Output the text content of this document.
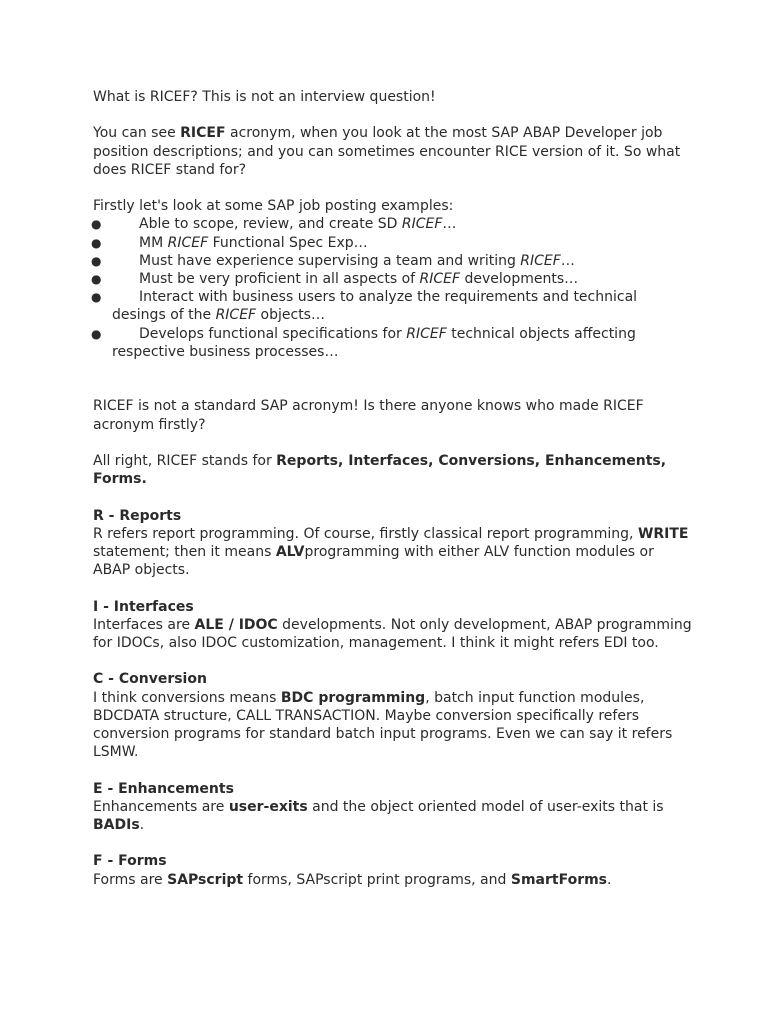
What is RICEF? This is not an interview question!

You can see RICEF acronym, when you look at the most SAP ABAP Developer job position descriptions; and you can sometimes encounter RICE version of it. So what does RICEF stand for?

Firstly let's look at some SAP job posting examples:

●	Able to scope, review, and create SD RICEF…
●	MM RICEF Functional Spec Exp…
●	Must have experience supervising a team and writing RICEF…
●	Must be very proficient in all aspects of RICEF developments…
●	Interact with business users to analyze the requirements and technical desings of the RICEF objects…
●	Develops functional specifications for RICEF technical objects affecting respective business processes…

RICEF is not a standard SAP acronym! Is there anyone knows who made RICEF acronym firstly?

All right, RICEF stands for Reports, Interfaces, Conversions, Enhancements, Forms.

R - Reports

R refers report programming. Of course, firstly classical report programming, WRITE statement; then it means ALVprogramming with either ALV function modules or ABAP objects.

I - Interfaces

Interfaces are ALE / IDOC developments. Not only development, ABAP programming for IDOCs, also IDOC customization, management. I think it might refers EDI too.

C - Conversion

I think conversions means BDC programming, batch input function modules, BDCDATA structure, CALL TRANSACTION. Maybe conversion specifically refers conversion programs for standard batch input programs. Even we can say it refers LSMW.

E - Enhancements

Enhancements are user-exits and the object oriented model of user-exits that is BADIs.

F - Forms

Forms are SAPscript forms, SAPscript print programs, and SmartForms.
